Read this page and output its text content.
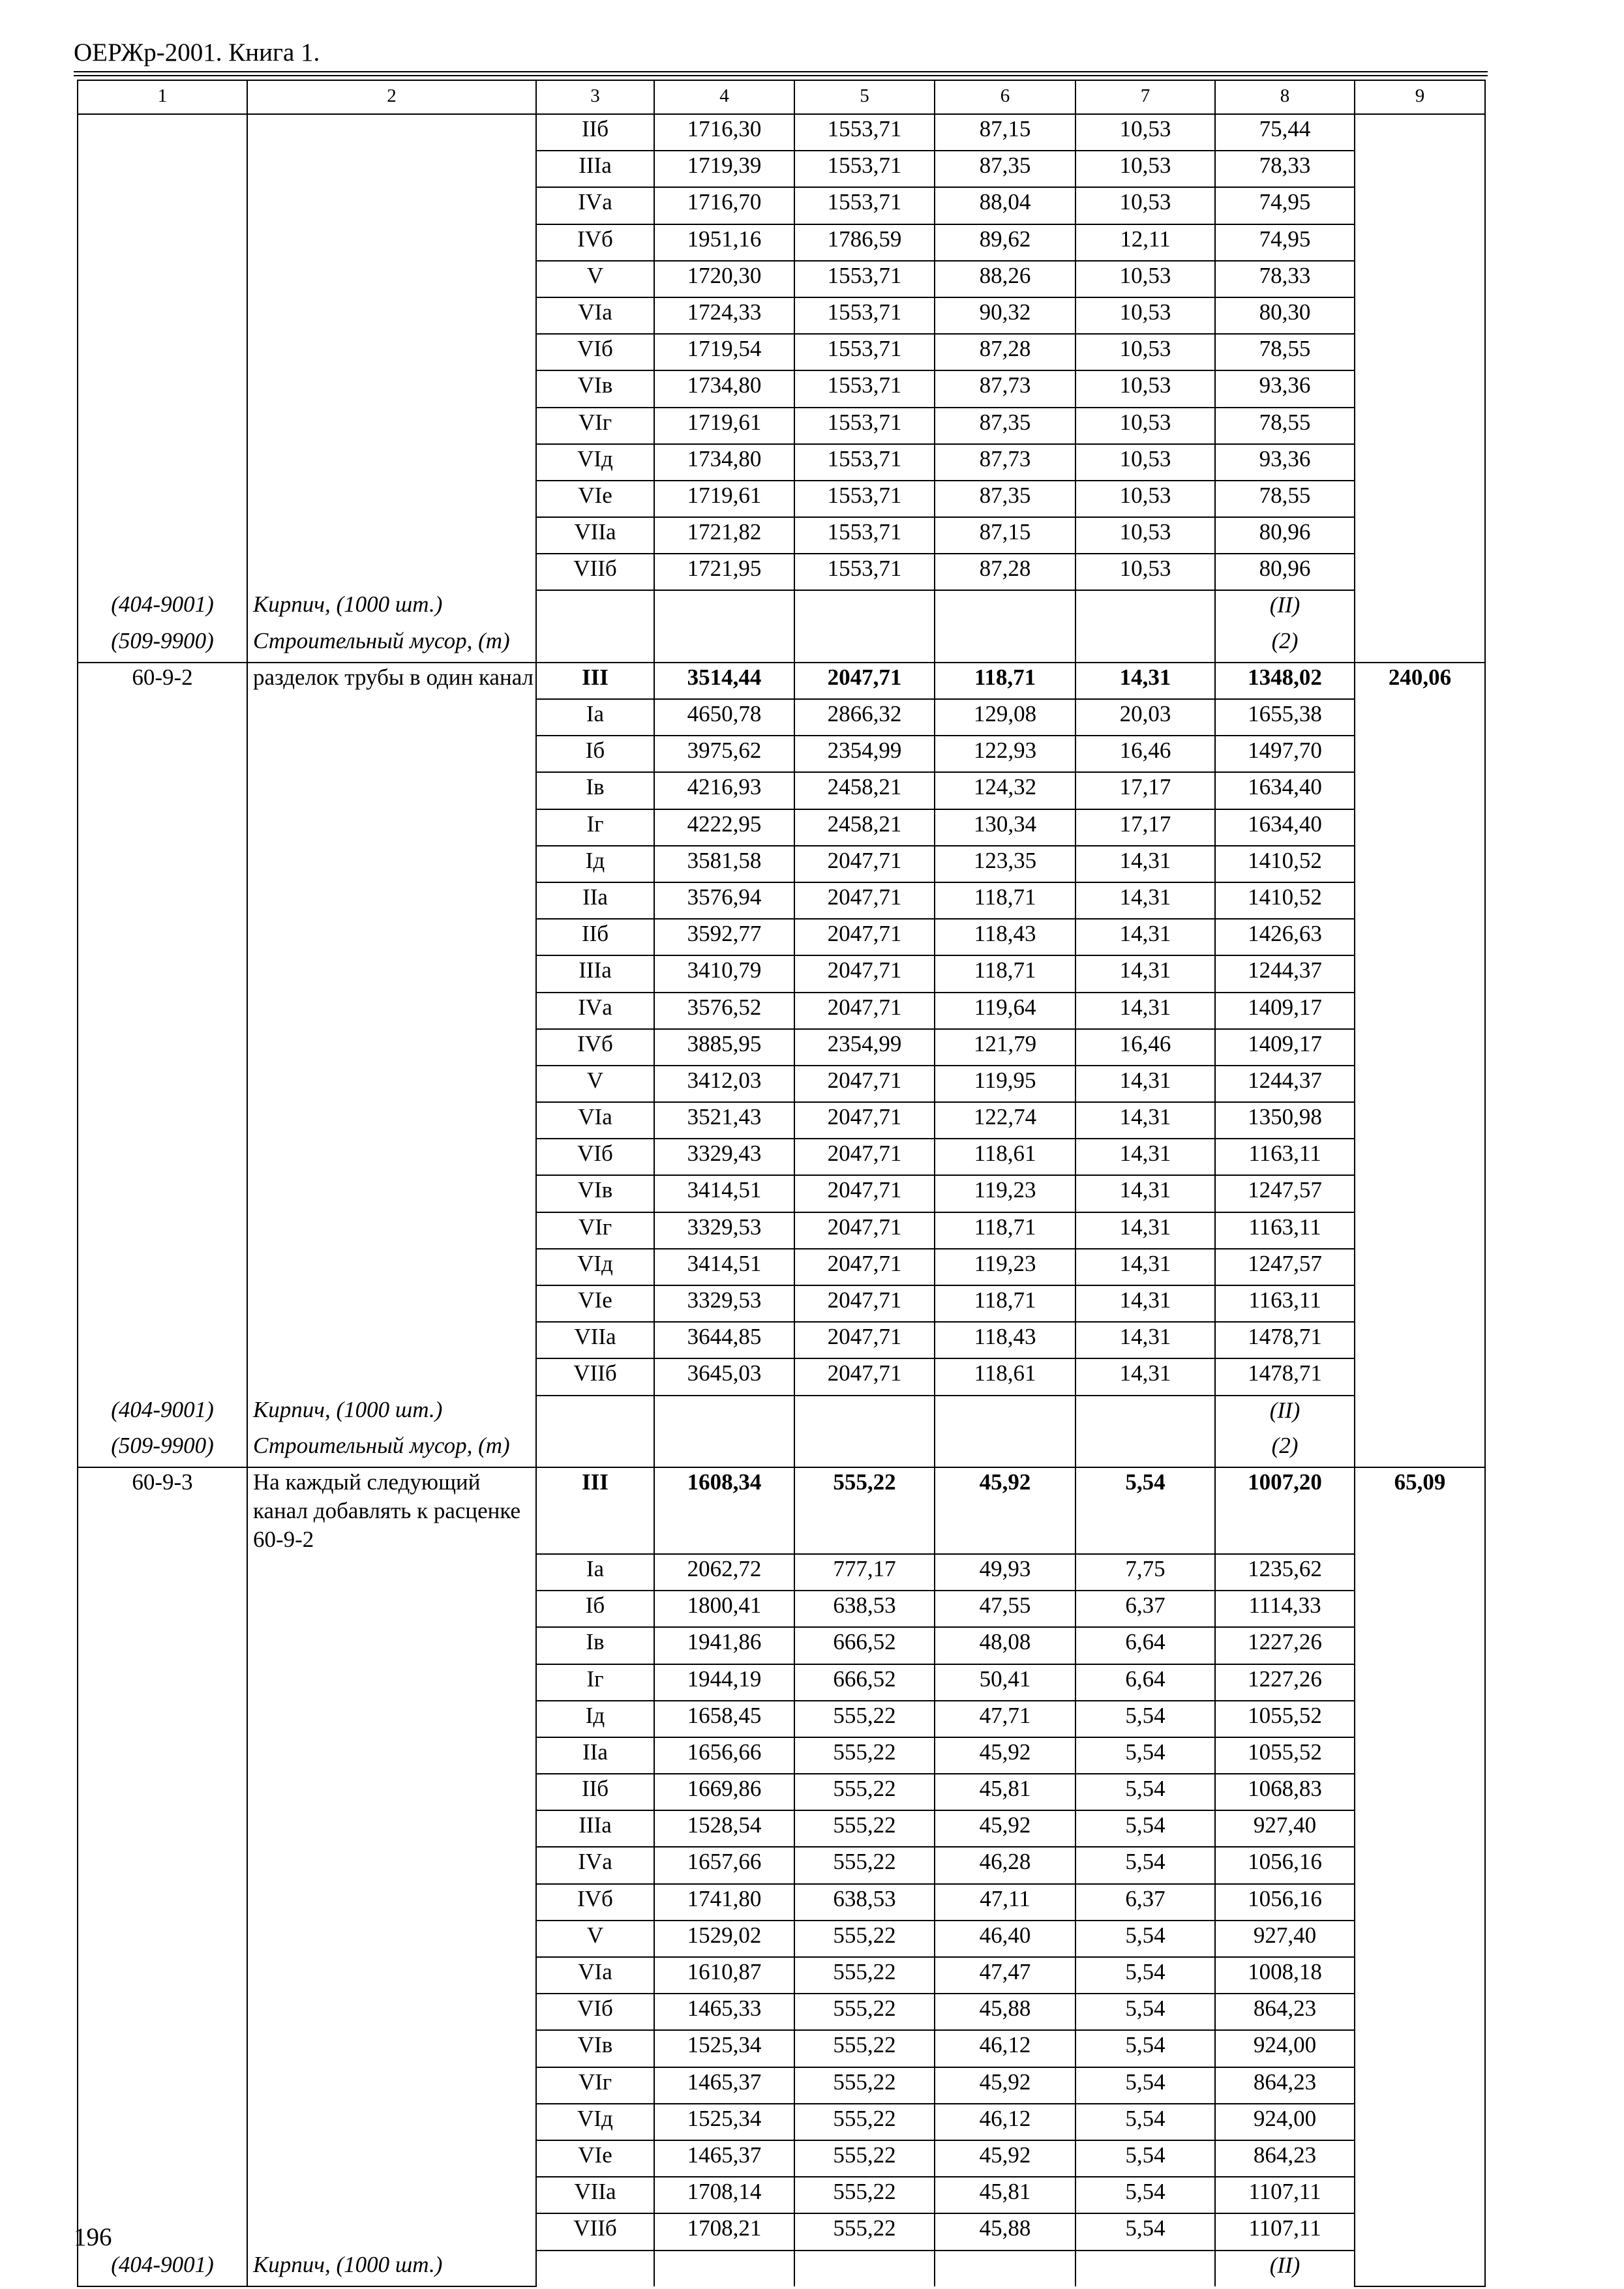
ОЕРЖр-2001. Книга 1.
1	2	3	4	5	6	7	8	9
		IIб	1716,30	1553,71	87,15	10,53	75,44	
		IIIа	1719,39	1553,71	87,35	10,53	78,33	
		IVа	1716,70	1553,71	88,04	10,53	74,95	
		IVб	1951,16	1786,59	89,62	12,11	74,95	
		V	1720,30	1553,71	88,26	10,53	78,33	
		VIа	1724,33	1553,71	90,32	10,53	80,30	
		VIб	1719,54	1553,71	87,28	10,53	78,55	
		VIв	1734,80	1553,71	87,73	10,53	93,36	
		VIг	1719,61	1553,71	87,35	10,53	78,55	
		VIд	1734,80	1553,71	87,73	10,53	93,36	
		VIе	1719,61	1553,71	87,35	10,53	78,55	
		VIIа	1721,82	1553,71	87,15	10,53	80,96	
		VIIб	1721,95	1553,71	87,28	10,53	80,96	
(404-9001)	Кирпич, (1000 шт.)						(II)	
(509-9900)	Строительный мусор, (т)						(2)	
60-9-2	разделок трубы в один канал	III	3514,44	2047,71	118,71	14,31	1348,02	240,06
		Iа	4650,78	2866,32	129,08	20,03	1655,38	
		Iб	3975,62	2354,99	122,93	16,46	1497,70	
		Iв	4216,93	2458,21	124,32	17,17	1634,40	
		Iг	4222,95	2458,21	130,34	17,17	1634,40	
		Iд	3581,58	2047,71	123,35	14,31	1410,52	
		IIа	3576,94	2047,71	118,71	14,31	1410,52	
		IIб	3592,77	2047,71	118,43	14,31	1426,63	
		IIIа	3410,79	2047,71	118,71	14,31	1244,37	
		IVа	3576,52	2047,71	119,64	14,31	1409,17	
		IVб	3885,95	2354,99	121,79	16,46	1409,17	
		V	3412,03	2047,71	119,95	14,31	1244,37	
		VIа	3521,43	2047,71	122,74	14,31	1350,98	
		VIб	3329,43	2047,71	118,61	14,31	1163,11	
		VIв	3414,51	2047,71	119,23	14,31	1247,57	
		VIг	3329,53	2047,71	118,71	14,31	1163,11	
		VIд	3414,51	2047,71	119,23	14,31	1247,57	
		VIе	3329,53	2047,71	118,71	14,31	1163,11	
		VIIа	3644,85	2047,71	118,43	14,31	1478,71	
		VIIб	3645,03	2047,71	118,61	14,31	1478,71	
(404-9001)	Кирпич, (1000 шт.)						(II)	
(509-9900)	Строительный мусор, (т)						(2)	
60-9-3	На каждый следующий канал добавлять к расценке 60-9-2	III	1608,34	555,22	45,92	5,54	1007,20	65,09
		Iа	2062,72	777,17	49,93	7,75	1235,62	
		Iб	1800,41	638,53	47,55	6,37	1114,33	
		Iв	1941,86	666,52	48,08	6,64	1227,26	
		Iг	1944,19	666,52	50,41	6,64	1227,26	
		Iд	1658,45	555,22	47,71	5,54	1055,52	
		IIа	1656,66	555,22	45,92	5,54	1055,52	
		IIб	1669,86	555,22	45,81	5,54	1068,83	
		IIIа	1528,54	555,22	45,92	5,54	927,40	
		IVа	1657,66	555,22	46,28	5,54	1056,16	
		IVб	1741,80	638,53	47,11	6,37	1056,16	
		V	1529,02	555,22	46,40	5,54	927,40	
		VIа	1610,87	555,22	47,47	5,54	1008,18	
		VIб	1465,33	555,22	45,88	5,54	864,23	
		VIв	1525,34	555,22	46,12	5,54	924,00	
		VIг	1465,37	555,22	45,92	5,54	864,23	
		VIд	1525,34	555,22	46,12	5,54	924,00	
		VIе	1465,37	555,22	45,92	5,54	864,23	
		VIIа	1708,14	555,22	45,81	5,54	1107,11	
		VIIб	1708,21	555,22	45,88	5,54	1107,11	
(404-9001)	Кирпич, (1000 шт.)						(II)	
196
